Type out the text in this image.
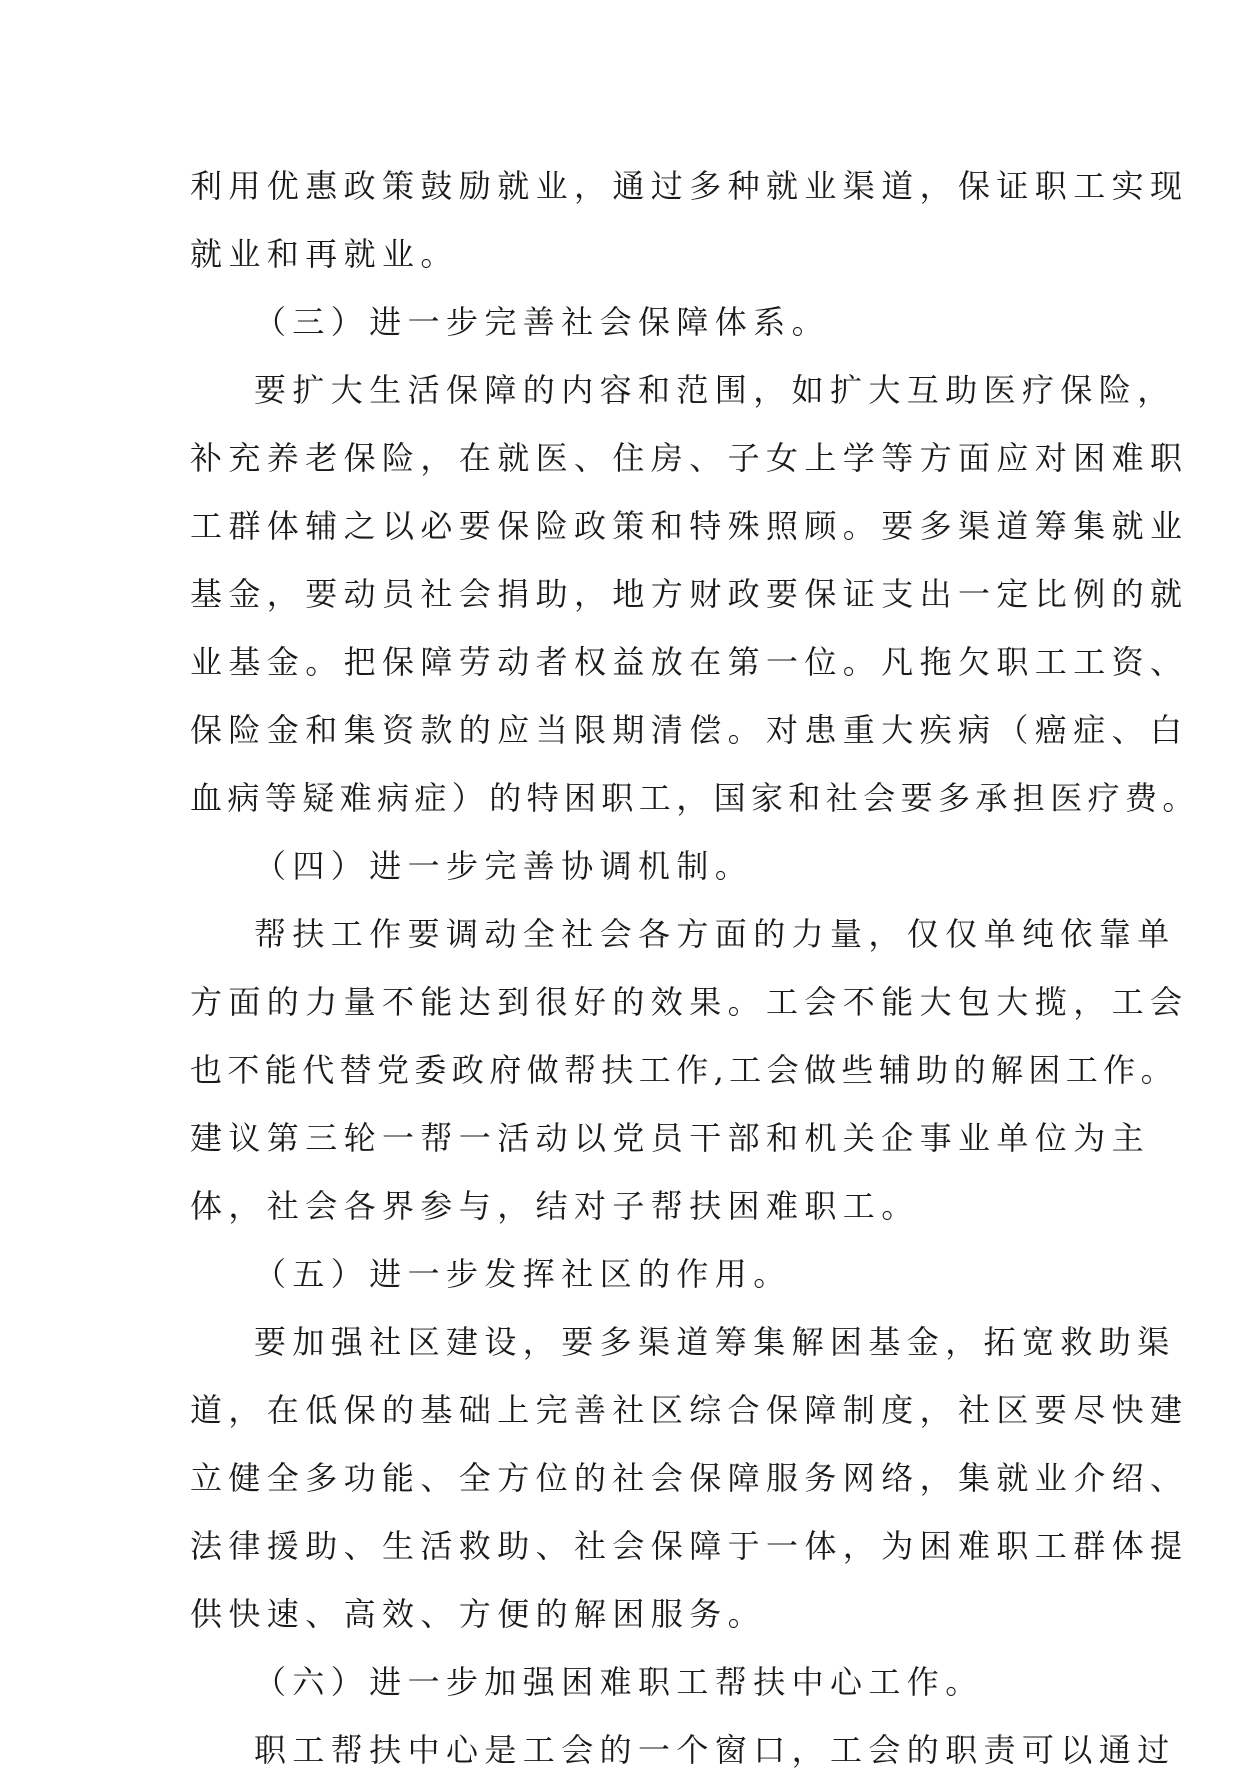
利用优惠政策鼓励就业，通过多种就业渠道，保证职工实现
就业和再就业。
（三）进一步完善社会保障体系。
要扩大生活保障的内容和范围，如扩大互助医疗保险，
补充养老保险，在就医、住房、子女上学等方面应对困难职
工群体辅之以必要保险政策和特殊照顾。要多渠道筹集就业
基金，要动员社会捐助，地方财政要保证支出一定比例的就
业基金。把保障劳动者权益放在第一位。凡拖欠职工工资、
保险金和集资款的应当限期清偿。对患重大疾病（癌症、白
血病等疑难病症）的特困职工，国家和社会要多承担医疗费。
（四）进一步完善协调机制。
帮扶工作要调动全社会各方面的力量，仅仅单纯依靠单
方面的力量不能达到很好的效果。工会不能大包大揽，工会
也不能代替党委政府做帮扶工作,工会做些辅助的解困工作。
建议第三轮一帮一活动以党员干部和机关企事业单位为主
体，社会各界参与，结对子帮扶困难职工。
（五）进一步发挥社区的作用。
要加强社区建设，要多渠道筹集解困基金，拓宽救助渠
道，在低保的基础上完善社区综合保障制度，社区要尽快建
立健全多功能、全方位的社会保障服务网络，集就业介绍、
法律援助、生活救助、社会保障于一体，为困难职工群体提
供快速、高效、方便的解困服务。
（六）进一步加强困难职工帮扶中心工作。
职工帮扶中心是工会的一个窗口，工会的职责可以通过
